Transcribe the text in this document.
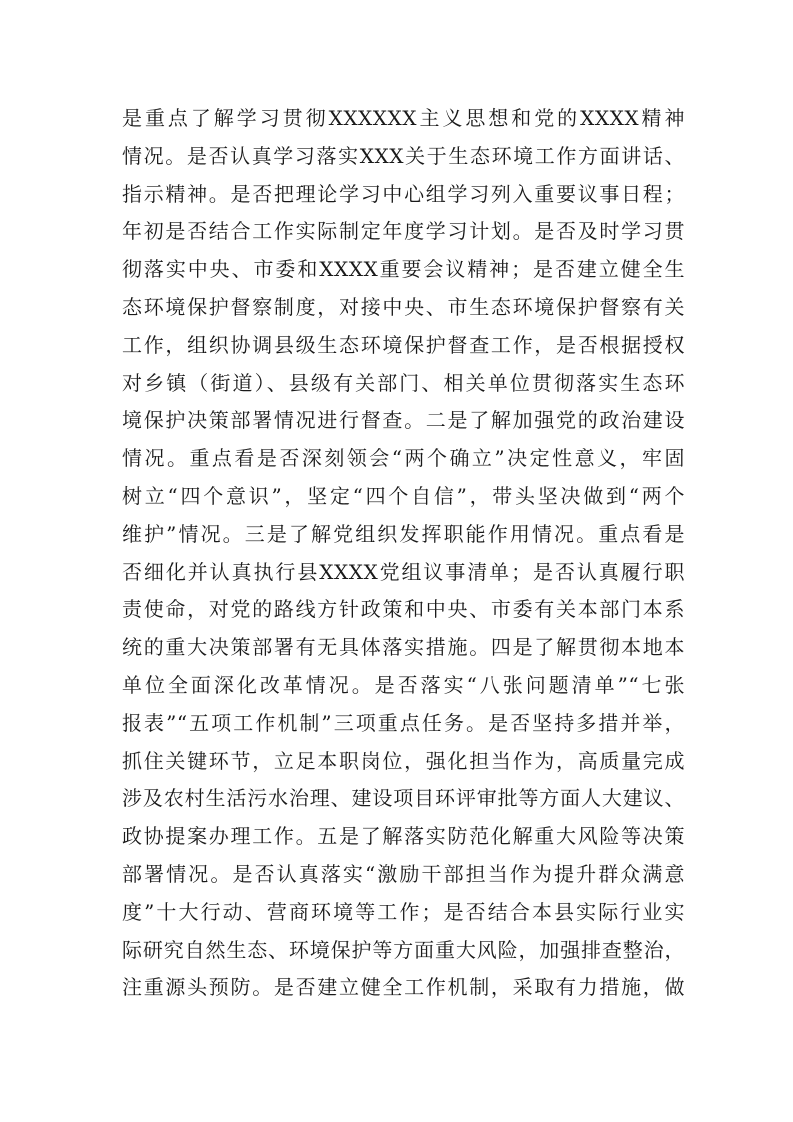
是重点了解学习贯彻XXXXXX主义思想和党的XXXX精神
情况。是否认真学习落实XXX关于生态环境工作方面讲话、
指示精神。是否把理论学习中心组学习列入重要议事日程；
年初是否结合工作实际制定年度学习计划。是否及时学习贯
彻落实中央、市委和XXXX重要会议精神；是否建立健全生
态环境保护督察制度，对接中央、市生态环境保护督察有关
工作，组织协调县级生态环境保护督查工作，是否根据授权
对乡镇（街道）、县级有关部门、相关单位贯彻落实生态环
境保护决策部署情况进行督查。二是了解加强党的政治建设
情况。重点看是否深刻领会“两个确立”决定性意义，牢固
树立“四个意识”，坚定“四个自信”，带头坚决做到“两个
维护”情况。三是了解党组织发挥职能作用情况。重点看是
否细化并认真执行县XXXX党组议事清单；是否认真履行职
责使命，对党的路线方针政策和中央、市委有关本部门本系
统的重大决策部署有无具体落实措施。四是了解贯彻本地本
单位全面深化改革情况。是否落实“八张问题清单”“七张
报表”“五项工作机制”三项重点任务。是否坚持多措并举，
抓住关键环节，立足本职岗位，强化担当作为，高质量完成
涉及农村生活污水治理、建设项目环评审批等方面人大建议、
政协提案办理工作。五是了解落实防范化解重大风险等决策
部署情况。是否认真落实“激励干部担当作为提升群众满意
度”十大行动、营商环境等工作；是否结合本县实际行业实
际研究自然生态、环境保护等方面重大风险，加强排查整治，
注重源头预防。是否建立健全工作机制，采取有力措施，做
